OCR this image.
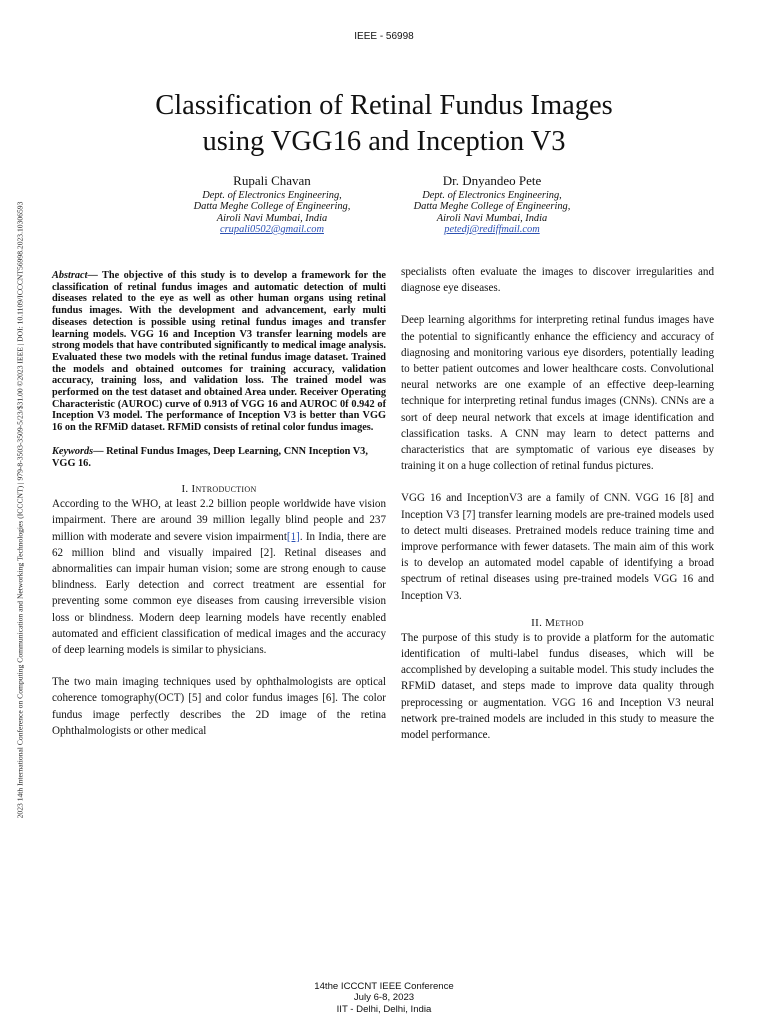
IEEE - 56998
2023 14th International Conference on Computing Communication and Networking Technologies (ICCCNT) | 979-8-3503-3509-5/23/$31.00 ©2023 IEEE | DOI: 10.1109/ICCCNT56998.2023.10306593
Classification of Retinal Fundus Images
using VGG16 and Inception V3
Rupali Chavan
Dept. of Electronics Engineering,
Datta Meghe College of Engineering,
Airoli Navi Mumbai, India
crupali0502@gmail.com
Dr. Dnyandeo Pete
Dept. of Electronics Engineering,
Datta Meghe College of Engineering,
Airoli Navi Mumbai, India
petedj@rediffmail.com

Abstract— The objective of this study is to develop a framework for the classification of retinal fundus images and automatic detection of multi diseases related to the eye as well as other human organs using retinal fundus images. With the development and advancement, early multi diseases detection is possible using retinal fundus images and transfer learning models. VGG 16 and Inception V3 transfer learning models are strong models that have contributed significantly to medical image analysis. Evaluated these two models with the retinal fundus image dataset. Trained the models and obtained outcomes for training accuracy, validation accuracy, training loss, and validation loss. The trained model was performed on the test dataset and obtained Area under. Receiver Operating Characteristic (AUROC) curve of 0.913 of VGG 16 and AUROC 0f 0.942 of Inception V3 model. The performance of Inception V3 is better than VGG 16 on the RFMiD dataset. RFMiD consists of retinal color fundus images.

Keywords— Retinal Fundus Images, Deep Learning, CNN Inception V3, VGG 16.

I. Introduction

According to the WHO, at least 2.2 billion people worldwide have vision impairment. There are around 39 million legally blind people and 237 million with moderate and severe vision impairment[1]. In India, there are 62 million blind and visually impaired [2]. Retinal diseases and abnormalities can impair human vision; some are strong enough to cause blindness. Early detection and correct treatment are essential for preventing some common eye diseases from causing irreversible vision loss or blindness. Modern deep learning models have recently enabled automated and efficient classification of medical images and the accuracy of deep learning models is similar to physicians.

The two main imaging techniques used by ophthalmologists are optical coherence tomography(OCT) [5] and color fundus images [6]. The color fundus image perfectly describes the 2D image of the retina Ophthalmologists or other medical

specialists often evaluate the images to discover irregularities and diagnose eye diseases.

Deep learning algorithms for interpreting retinal fundus images have the potential to significantly enhance the efficiency and accuracy of diagnosing and monitoring various eye disorders, potentially leading to better patient outcomes and lower healthcare costs. Convolutional neural networks are one example of an effective deep-learning technique for interpreting retinal fundus images (CNNs). CNNs are a sort of deep neural network that excels at image identification and classification tasks. A CNN may learn to detect patterns and characteristics that are symptomatic of various eye diseases by training it on a huge collection of retinal fundus pictures.

VGG 16 and InceptionV3 are a family of CNN. VGG 16 [8] and Inception V3 [7] transfer learning models are pre-trained models used to detect multi diseases. Pretrained models reduce training time and improve performance with fewer datasets. The main aim of this work is to develop an automated model capable of identifying a broad spectrum of retinal diseases using pre-trained models VGG 16 and Inception V3.

II. Method

The purpose of this study is to provide a platform for the automatic identification of multi-label fundus diseases, which will be accomplished by developing a suitable model. This study includes the RFMiD dataset, and steps made to improve data quality through preprocessing or augmentation. VGG 16 and Inception V3 neural network pre-trained models are included in this study to measure the model performance.

14the ICCCNT IEEE Conference
July 6-8, 2023
IIT - Delhi, Delhi, India
